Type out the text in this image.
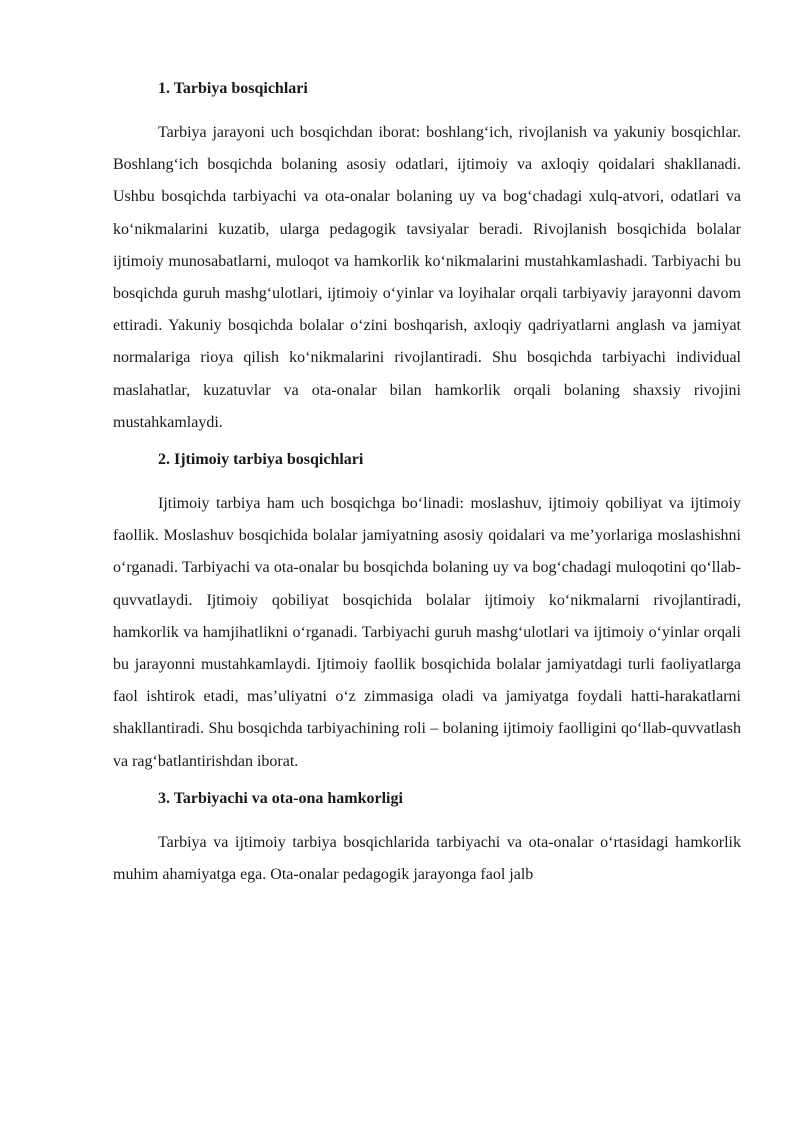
1. Tarbiya bosqichlari

Tarbiya jarayoni uch bosqichdan iborat: boshlang‘ich, rivojlanish va yakuniy bosqichlar. Boshlang‘ich bosqichda bolaning asosiy odatlari, ijtimoiy va axloqiy qoidalari shakllanadi. Ushbu bosqichda tarbiyachi va ota-onalar bolaning uy va bog‘chadagi xulq-atvori, odatlari va ko‘nikmalarini kuzatib, ularga pedagogik tavsiyalar beradi. Rivojlanish bosqichida bolalar ijtimoiy munosabatlarni, muloqot va hamkorlik ko‘nikmalarini mustahkamlashadi. Tarbiyachi bu bosqichda guruh mashg‘ulotlari, ijtimoiy o‘yinlar va loyihalar orqali tarbiyaviy jarayonni davom ettiradi. Yakuniy bosqichda bolalar o‘zini boshqarish, axloqiy qadriyatlarni anglash va jamiyat normalariga rioya qilish ko‘nikmalarini rivojlantiradi. Shu bosqichda tarbiyachi individual maslahatlar, kuzatuvlar va ota-onalar bilan hamkorlik orqali bolaning shaxsiy rivojini mustahkamlaydi.

2. Ijtimoiy tarbiya bosqichlari

Ijtimoiy tarbiya ham uch bosqichga bo‘linadi: moslashuv, ijtimoiy qobiliyat va ijtimoiy faollik. Moslashuv bosqichida bolalar jamiyatning asosiy qoidalari va me’yorlariga moslashishni o‘rganadi. Tarbiyachi va ota-onalar bu bosqichda bolaning uy va bog‘chadagi muloqotini qo‘llab-quvvatlaydi. Ijtimoiy qobiliyat bosqichida bolalar ijtimoiy ko‘nikmalarni rivojlantiradi, hamkorlik va hamjihatlikni o‘rganadi. Tarbiyachi guruh mashg‘ulotlari va ijtimoiy o‘yinlar orqali bu jarayonni mustahkamlaydi. Ijtimoiy faollik bosqichida bolalar jamiyatdagi turli faoliyatlarga faol ishtirok etadi, mas’uliyatni o‘z zimmasiga oladi va jamiyatga foydali hatti-harakatlarni shakllantiradi. Shu bosqichda tarbiyachining roli – bolaning ijtimoiy faolligini qo‘llab-quvvatlash va rag‘batlantirishdan iborat.

3. Tarbiyachi va ota-ona hamkorligi

Tarbiya va ijtimoiy tarbiya bosqichlarida tarbiyachi va ota-onalar o‘rtasidagi hamkorlik muhim ahamiyatga ega. Ota-onalar pedagogik jarayonga faol jalb
